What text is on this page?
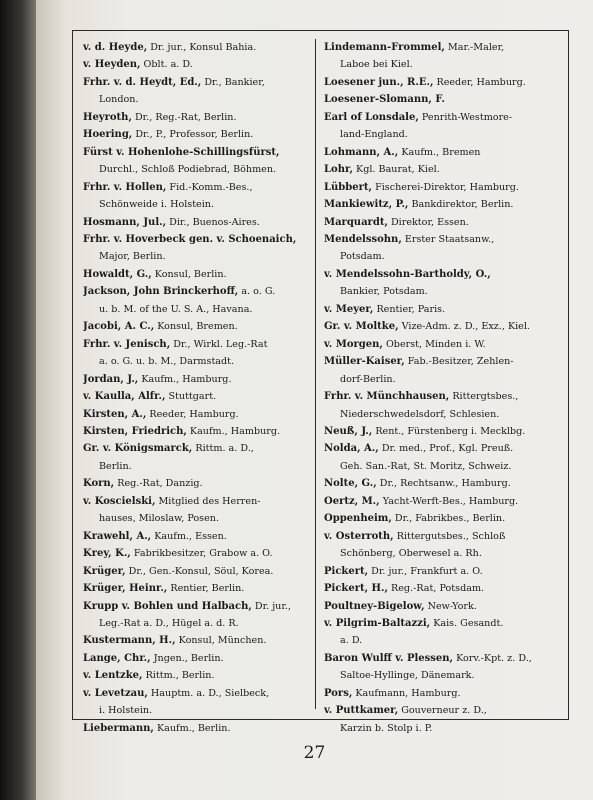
v. d. Heyde, Dr. jur., Konsul Bahia.
v. Heyden, Oblt. a. D.
Frhr. v. d. Heydt, Ed., Dr., Bankier,
London.
Heyroth, Dr., Reg.-Rat, Berlin.
Hoering, Dr., P., Professor, Berlin.
Fürst v. Hohenlohe-Schillingsfürst,
Durchl., Schloß Podiebrad, Böhmen.
Frhr. v. Hollen, Fid.-Komm.-Bes.,
Schönweide i. Holstein.
Hosmann, Jul., Dir., Buenos-Aires.
Frhr. v. Hoverbeck gen. v. Schoenaich,
Major, Berlin.
Howaldt, G., Konsul, Berlin.
Jackson, John Brinckerhoff, a. o. G.
u. b. M. of the U. S. A., Havana.
Jacobi, A. C., Konsul, Bremen.
Frhr. v. Jenisch, Dr., Wirkl. Leg.-Rat
a. o. G. u. b. M., Darmstadt.
Jordan, J., Kaufm., Hamburg.
v. Kaulla, Alfr., Stuttgart.
Kirsten, A., Reeder, Hamburg.
Kirsten, Friedrich, Kaufm., Hamburg.
Gr. v. Königsmarck, Rittm. a. D.,
Berlin.
Korn, Reg.-Rat, Danzig.
v. Koscielski, Mitglied des Herren-
hauses, Miloslaw, Posen.
Krawehl, A., Kaufm., Essen.
Krey, K., Fabrikbesitzer, Grabow a. O.
Krüger, Dr., Gen.-Konsul, Söul, Korea.
Krüger, Heinr., Rentier, Berlin.
Krupp v. Bohlen und Halbach, Dr. jur.,
Leg.-Rat a. D., Hügel a. d. R.
Kustermann, H., Konsul, München.
Lange, Chr., Jngen., Berlin.
v. Lentzke, Rittm., Berlin.
v. Levetzau, Hauptm. a. D., Sielbeck,
i. Holstein.
Liebermann, Kaufm., Berlin.
Lindemann-Frommel, Mar.-Maler,
Laboe bei Kiel.
Loesener jun., R.E., Reeder, Hamburg.
Loesener-Slomann, F.
Earl of Lonsdale, Penrith-Westmore-
land-England.
Lohmann, A., Kaufm., Bremen
Lohr, Kgl. Baurat, Kiel.
Lübbert, Fischerei-Direktor, Hamburg.
Mankiewitz, P., Bankdirektor, Berlin.
Marquardt, Direktor, Essen.
Mendelssohn, Erster Staatsanw.,
Potsdam.
v. Mendelssohn-Bartholdy, O.,
Bankier, Potsdam.
v. Meyer, Rentier, Paris.
Gr. v. Moltke, Vize-Adm. z. D., Exz., Kiel.
v. Morgen, Oberst, Minden i. W.
Müller-Kaiser, Fab.-Besitzer, Zehlen-
dorf-Berlin.
Frhr. v. Münchhausen, Rittergtsbes.,
Niederschwedelsdorf, Schlesien.
Neuß, J., Rent., Fürstenberg i. Mecklbg.
Nolda, A., Dr. med., Prof., Kgl. Preuß.
Geh. San.-Rat, St. Moritz, Schweiz.
Nolte, G., Dr., Rechtsanw., Hamburg.
Oertz, M., Yacht-Werft-Bes., Hamburg.
Oppenheim, Dr., Fabrikbes., Berlin.
v. Osterroth, Rittergutsbes., Schloß
Schönberg, Oberwesel a. Rh.
Pickert, Dr. jur., Frankfurt a. O.
Pickert, H., Reg.-Rat, Potsdam.
Poultney-Bigelow, New-York.
v. Pilgrim-Baltazzi, Kais. Gesandt.
a. D.
Baron Wulff v. Plessen, Korv.-Kpt. z. D.,
Saltoe-Hyllinge, Dänemark.
Pors, Kaufmann, Hamburg.
v. Puttkamer, Gouverneur z. D.,
Karzin b. Stolp i. P.
27
